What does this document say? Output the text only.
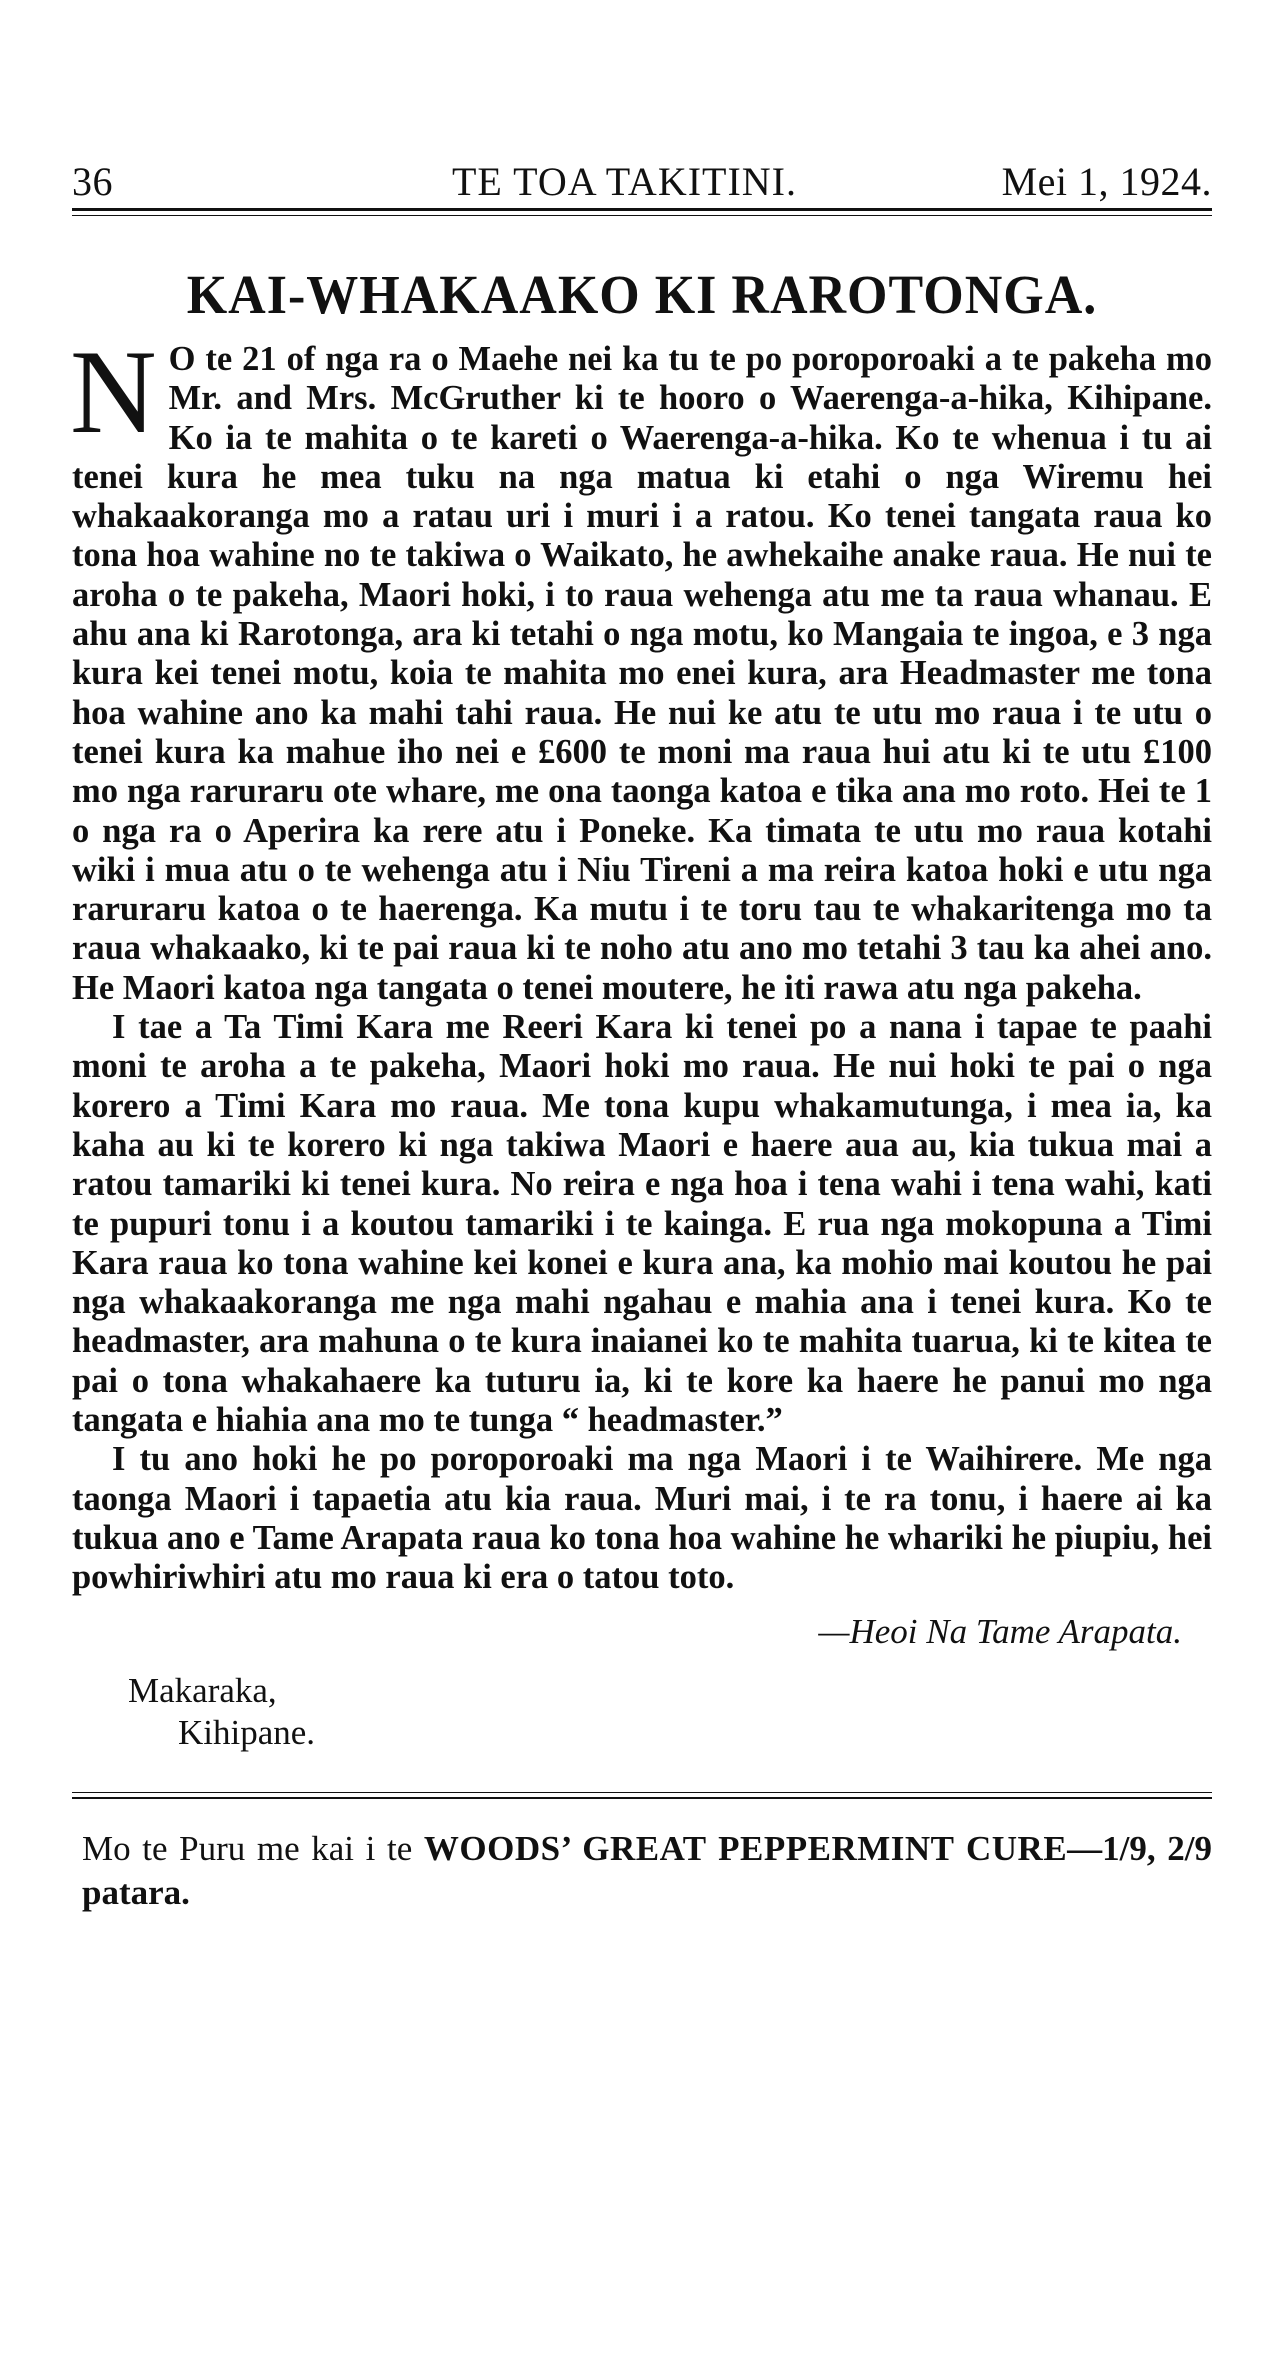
36	TE TOA TAKITINI.	Mei 1, 1924.
KAI-WHAKAAKO KI RAROTONGA.

N O te 21 of nga ra o Maehe nei ka tu te po poroporoaki a te pakeha mo Mr. and Mrs. McGruther ki te hooro o Waerenga-a-hika, Kihipane. Ko ia te mahita o te kareti o Waerenga-a-hika. Ko te whenua i tu ai tenei kura he mea tuku na nga matua ki etahi o nga Wiremu hei whakaakoranga mo a ratau uri i muri i a ratou. Ko tenei tangata raua ko tona hoa wahine no te takiwa o Waikato, he awhekaihe anake raua. He nui te aroha o te pakeha, Maori hoki, i to raua wehenga atu me ta raua whanau. E ahu ana ki Rarotonga, ara ki tetahi o nga motu, ko Mangaia te ingoa, e 3 nga kura kei tenei motu, koia te mahita mo enei kura, ara Headmaster me tona hoa wahine ano ka mahi tahi raua. He nui ke atu te utu mo raua i te utu o tenei kura ka mahue iho nei e £600 te moni ma raua hui atu ki te utu £100 mo nga raruraru ote whare, me ona taonga katoa e tika ana mo roto. Hei te 1 o nga ra o Aperira ka rere atu i Poneke. Ka timata te utu mo raua kotahi wiki i mua atu o te wehenga atu i Niu Tireni a ma reira katoa hoki e utu nga raruraru katoa o te haerenga. Ka mutu i te toru tau te whakaritenga mo ta raua whakaako, ki te pai raua ki te noho atu ano mo tetahi 3 tau ka ahei ano. He Maori katoa nga tangata o tenei moutere, he iti rawa atu nga pakeha.

I tae a Ta Timi Kara me Reeri Kara ki tenei po a nana i tapae te paahi moni te aroha a te pakeha, Maori hoki mo raua. He nui hoki te pai o nga korero a Timi Kara mo raua. Me tona kupu whakamutunga, i mea ia, ka kaha au ki te korero ki nga takiwa Maori e haere aua au, kia tukua mai a ratou tamariki ki tenei kura. No reira e nga hoa i tena wahi i tena wahi, kati te pupuri tonu i a koutou tamariki i te kainga. E rua nga mokopuna a Timi Kara raua ko tona wahine kei konei e kura ana, ka mohio mai koutou he pai nga whakaakoranga me nga mahi ngahau e mahia ana i tenei kura. Ko te headmaster, ara mahuna o te kura inaianei ko te mahita tuarua, ki te kitea te pai o tona whakahaere ka tuturu ia, ki te kore ka haere he panui mo nga tangata e hiahia ana mo te tunga “ headmaster.”

I tu ano hoki he po poroporoaki ma nga Maori i te Waihirere. Me nga taonga Maori i tapaetia atu kia raua. Muri mai, i te ra tonu, i haere ai ka tukua ano e Tame Arapata raua ko tona hoa wahine he whariki he piupiu, hei powhiriwhiri atu mo raua ki era o tatou toto.

—Heoi Na Tame Arapata.
Makaraka,
Kihipane.
Mo te Puru me kai i te WOODS’ GREAT PEPPERMINT CURE—1/9, 2/9 patara.
